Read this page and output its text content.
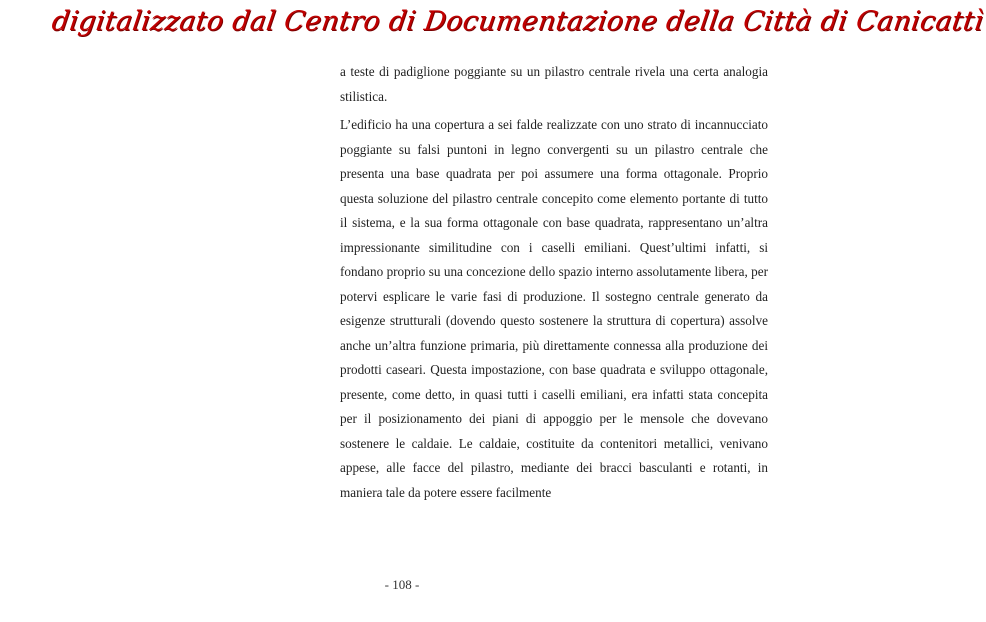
digitalizzato dal Centro di Documentazione della Città di Canicattì

a teste di padiglione poggiante su un pilastro centrale rivela una certa analogia stilistica.

L’edificio ha una copertura a sei falde realizzate con uno strato di incannucciato poggiante su falsi puntoni in legno convergenti su un pilastro centrale che presenta una base quadrata per poi assumere una forma ottagonale. Proprio questa soluzione del pilastro centrale concepito come elemento portante di tutto il sistema, e la sua forma ottagonale con base quadrata, rappresentano un’altra impressionante similitudine con i caselli emiliani. Quest’ultimi infatti, si fondano proprio su una concezione dello spazio interno assolutamente libera, per potervi esplicare le varie fasi di produzione. Il sostegno centrale generato da esigenze strutturali (dovendo questo sostenere la struttura di copertura) assolve anche un’altra funzione primaria, più direttamente connessa alla produzione dei prodotti caseari. Questa impostazione, con base quadrata e sviluppo ottagonale, presente, come detto, in quasi tutti i caselli emiliani, era infatti stata concepita per il posizionamento dei piani di appoggio per le mensole che dovevano sostenere le caldaie. Le caldaie, costituite da contenitori metallici, venivano appese, alle facce del pilastro, mediante dei bracci basculanti e rotanti, in maniera tale da potere essere facilmente

- 108 -
